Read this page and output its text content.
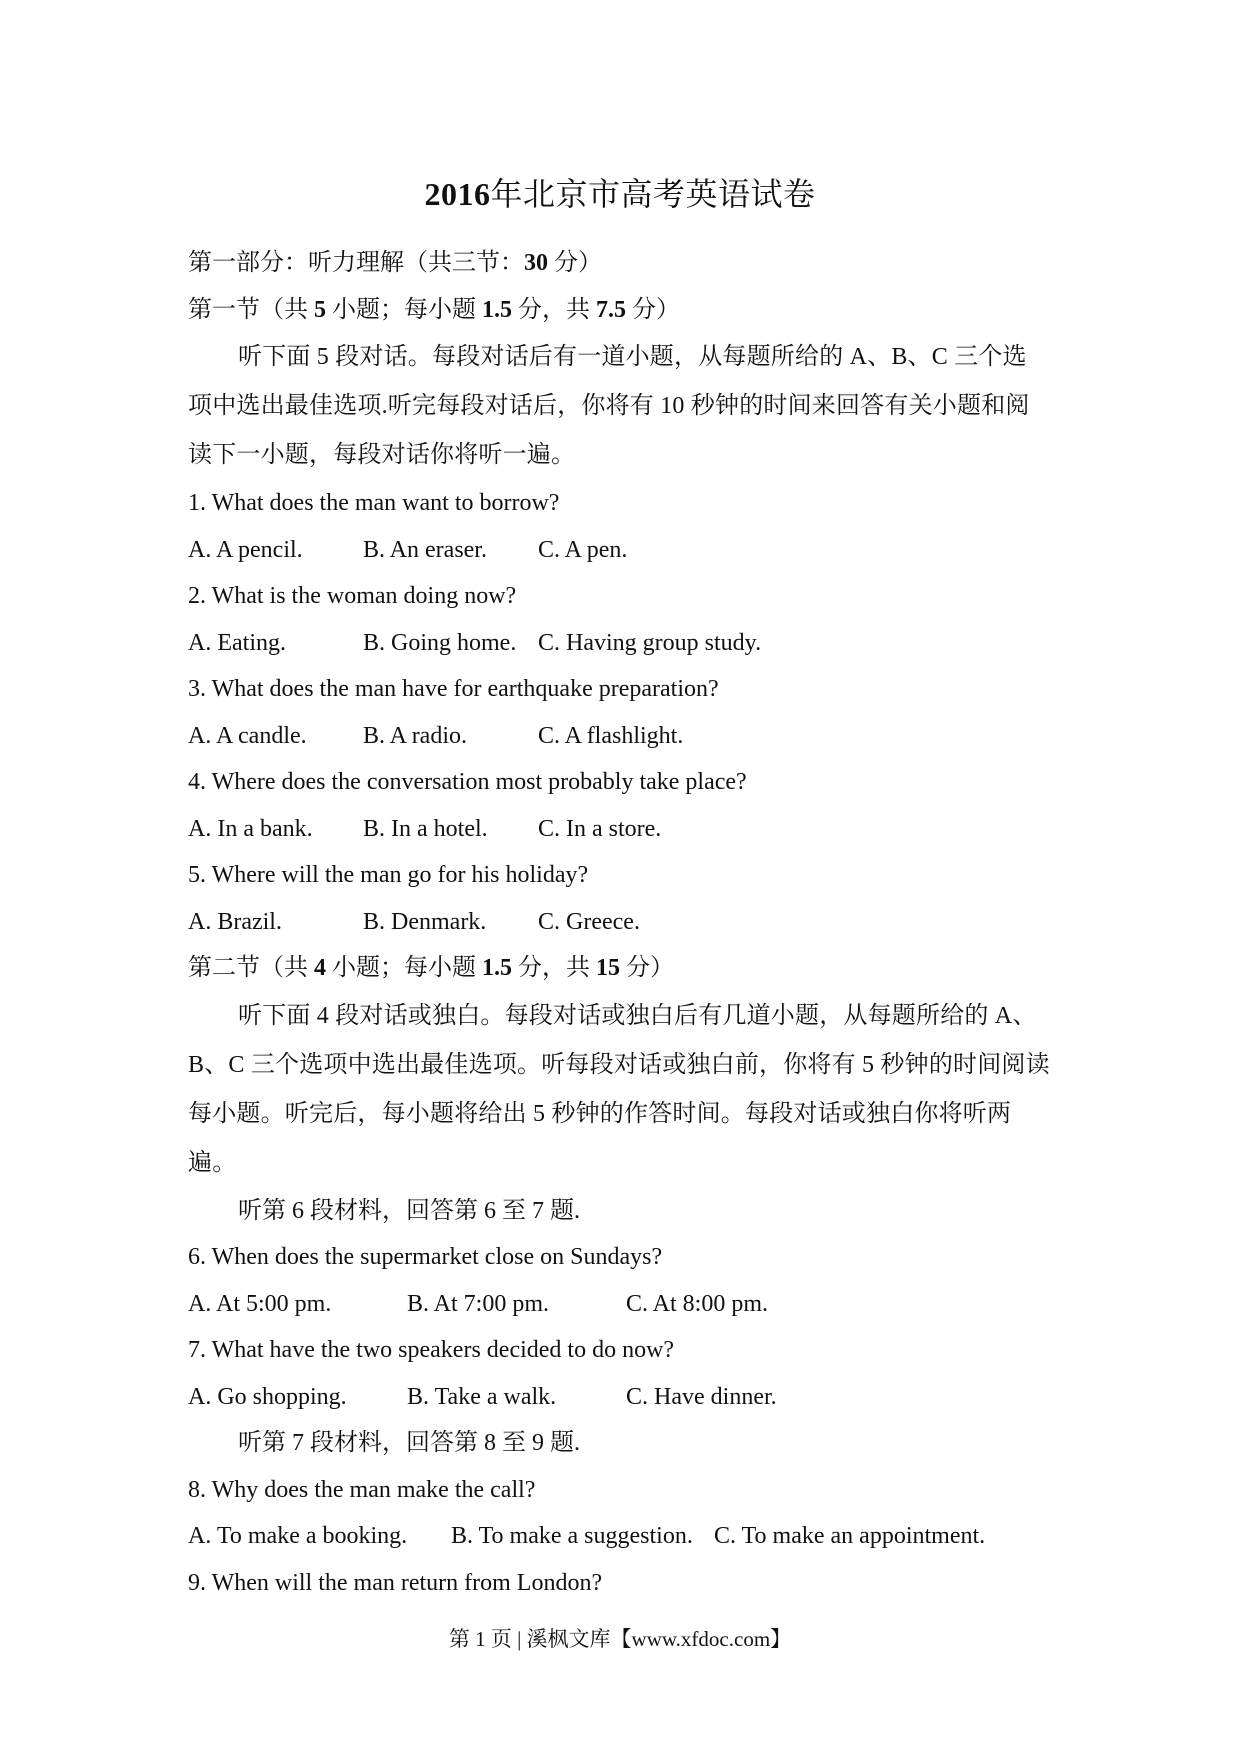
2016年北京市高考英语试卷
第一部分：听力理解（共三节：30 分）
第一节（共 5 小题；每小题 1.5 分，共 7.5 分）
听下面 5 段对话。每段对话后有一道小题，从每题所给的 A、B、C 三个选项中选出最佳选项.听完每段对话后，你将有 10 秒钟的时间来回答有关小题和阅读下一小题，每段对话你将听一遍。
1. What does the man want to borrow?
A. A pencil.	B. An eraser.	C. A pen.
2. What is the woman doing now?
A. Eating.	B. Going home. C. Having group study.
3. What does the man have for earthquake preparation?
A. A candle.	B. A radio.	C. A flashlight.
4. Where does the conversation most probably take place?
A. In a bank.	B. In a hotel.	C. In a store.
5. Where will the man go for his holiday?
A. Brazil.	B. Denmark.	C. Greece.
第二节（共 4 小题；每小题 1.5 分，共 15 分）
听下面 4 段对话或独白。每段对话或独白后有几道小题，从每题所给的 A、B、C 三个选项中选出最佳选项。听每段对话或独白前，你将有 5 秒钟的时间阅读每小题。听完后，每小题将给出 5 秒钟的作答时间。每段对话或独白你将听两遍。
听第 6 段材料，回答第 6 至 7 题.
6. When does the supermarket close on Sundays?
A. At 5:00 pm.	B. At 7:00 pm.	C. At 8:00 pm.
7. What have the two speakers decided to do now?
A. Go shopping.	B. Take a walk.	C. Have dinner.
听第 7 段材料，回答第 8 至 9 题.
8. Why does the man make the call?
A. To make a booking.	B. To make a suggestion. C. To make an appointment.
9. When will the man return from London?
第 1 页 | 溪枫文库【www.xfdoc.com】
